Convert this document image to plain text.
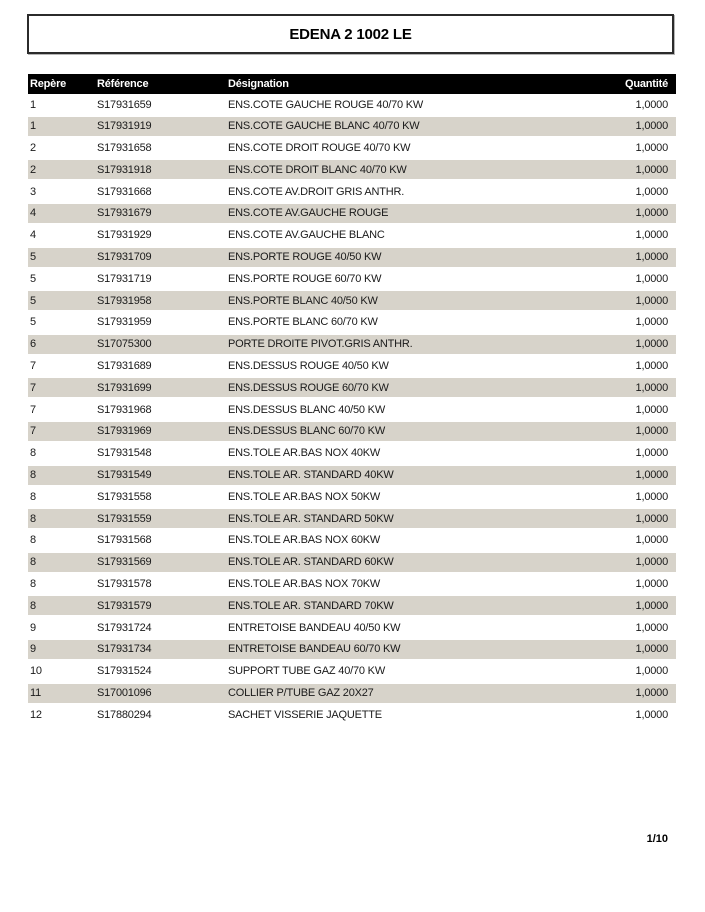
EDENA 2 1002 LE
Repère	Référence	Désignation	Quantité
1	S17931659	ENS.COTE GAUCHE ROUGE 40/70 KW	1,0000
1	S17931919	ENS.COTE GAUCHE BLANC 40/70 KW	1,0000
2	S17931658	ENS.COTE DROIT ROUGE 40/70 KW	1,0000
2	S17931918	ENS.COTE DROIT BLANC 40/70 KW	1,0000
3	S17931668	ENS.COTE AV.DROIT GRIS ANTHR.	1,0000
4	S17931679	ENS.COTE AV.GAUCHE ROUGE	1,0000
4	S17931929	ENS.COTE AV.GAUCHE BLANC	1,0000
5	S17931709	ENS.PORTE ROUGE 40/50 KW	1,0000
5	S17931719	ENS.PORTE ROUGE 60/70 KW	1,0000
5	S17931958	ENS.PORTE BLANC 40/50 KW	1,0000
5	S17931959	ENS.PORTE BLANC 60/70 KW	1,0000
6	S17075300	PORTE DROITE PIVOT.GRIS ANTHR.	1,0000
7	S17931689	ENS.DESSUS ROUGE 40/50 KW	1,0000
7	S17931699	ENS.DESSUS ROUGE 60/70 KW	1,0000
7	S17931968	ENS.DESSUS BLANC 40/50 KW	1,0000
7	S17931969	ENS.DESSUS BLANC 60/70 KW	1,0000
8	S17931548	ENS.TOLE AR.BAS NOX 40KW	1,0000
8	S17931549	ENS.TOLE AR. STANDARD 40KW	1,0000
8	S17931558	ENS.TOLE AR.BAS NOX 50KW	1,0000
8	S17931559	ENS.TOLE AR. STANDARD 50KW	1,0000
8	S17931568	ENS.TOLE AR.BAS NOX 60KW	1,0000
8	S17931569	ENS.TOLE AR. STANDARD 60KW	1,0000
8	S17931578	ENS.TOLE AR.BAS NOX 70KW	1,0000
8	S17931579	ENS.TOLE AR. STANDARD 70KW	1,0000
9	S17931724	ENTRETOISE BANDEAU 40/50 KW	1,0000
9	S17931734	ENTRETOISE BANDEAU 60/70 KW	1,0000
10	S17931524	SUPPORT TUBE GAZ 40/70 KW	1,0000
11	S17001096	COLLIER P/TUBE GAZ 20X27	1,0000
12	S17880294	SACHET VISSERIE JAQUETTE	1,0000
1/10
